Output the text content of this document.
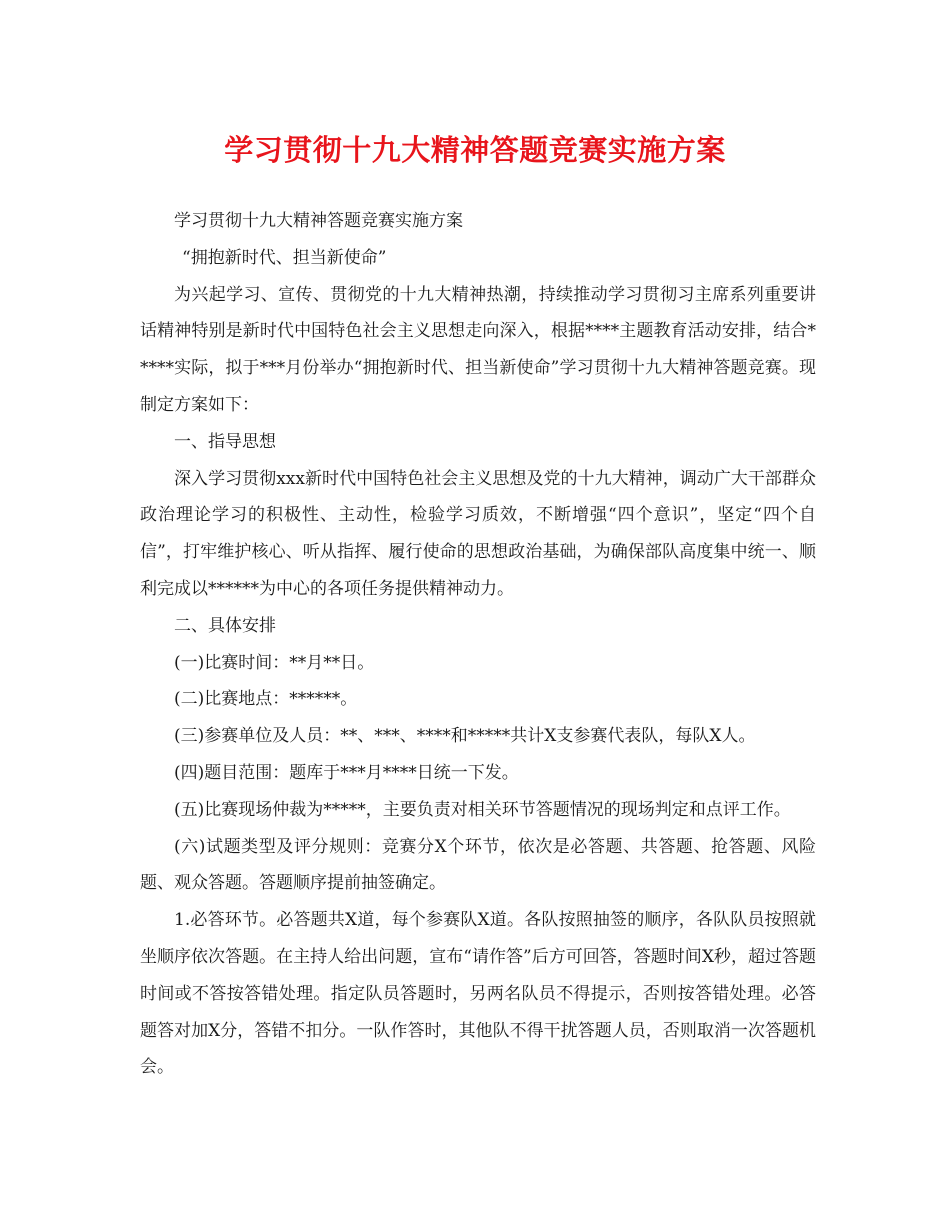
学习贯彻十九大精神答题竞赛实施方案

学习贯彻十九大精神答题竞赛实施方案

“拥抱新时代、担当新使命”

为兴起学习、宣传、贯彻党的十九大精神热潮，持续推动学习贯彻习主席系列重要讲话精神特别是新时代中国特色社会主义思想走向深入，根据****主题教育活动安排，结合*****实际，拟于***月份举办“拥抱新时代、担当新使命”学习贯彻十九大精神答题竞赛。现制定方案如下：

一、指导思想

深入学习贯彻xxx新时代中国特色社会主义思想及党的十九大精神，调动广大干部群众政治理论学习的积极性、主动性，检验学习质效，不断增强“四个意识”，坚定“四个自信”，打牢维护核心、听从指挥、履行使命的思想政治基础，为确保部队高度集中统一、顺利完成以******为中心的各项任务提供精神动力。

二、具体安排

(一)比赛时间：**月**日。

(二)比赛地点：******。

(三)参赛单位及人员：**、***、****和*****共计X支参赛代表队，每队X人。

(四)题目范围：题库于***月****日统一下发。

(五)比赛现场仲裁为*****，主要负责对相关环节答题情况的现场判定和点评工作。

(六)试题类型及评分规则：竞赛分X个环节，依次是必答题、共答题、抢答题、风险题、观众答题。答题顺序提前抽签确定。

1.必答环节。必答题共X道，每个参赛队X道。各队按照抽签的顺序，各队队员按照就坐顺序依次答题。在主持人给出问题，宣布“请作答”后方可回答，答题时间X秒，超过答题时间或不答按答错处理。指定队员答题时，另两名队员不得提示，否则按答错处理。必答题答对加X分，答错不扣分。一队作答时，其他队不得干扰答题人员，否则取消一次答题机会。
